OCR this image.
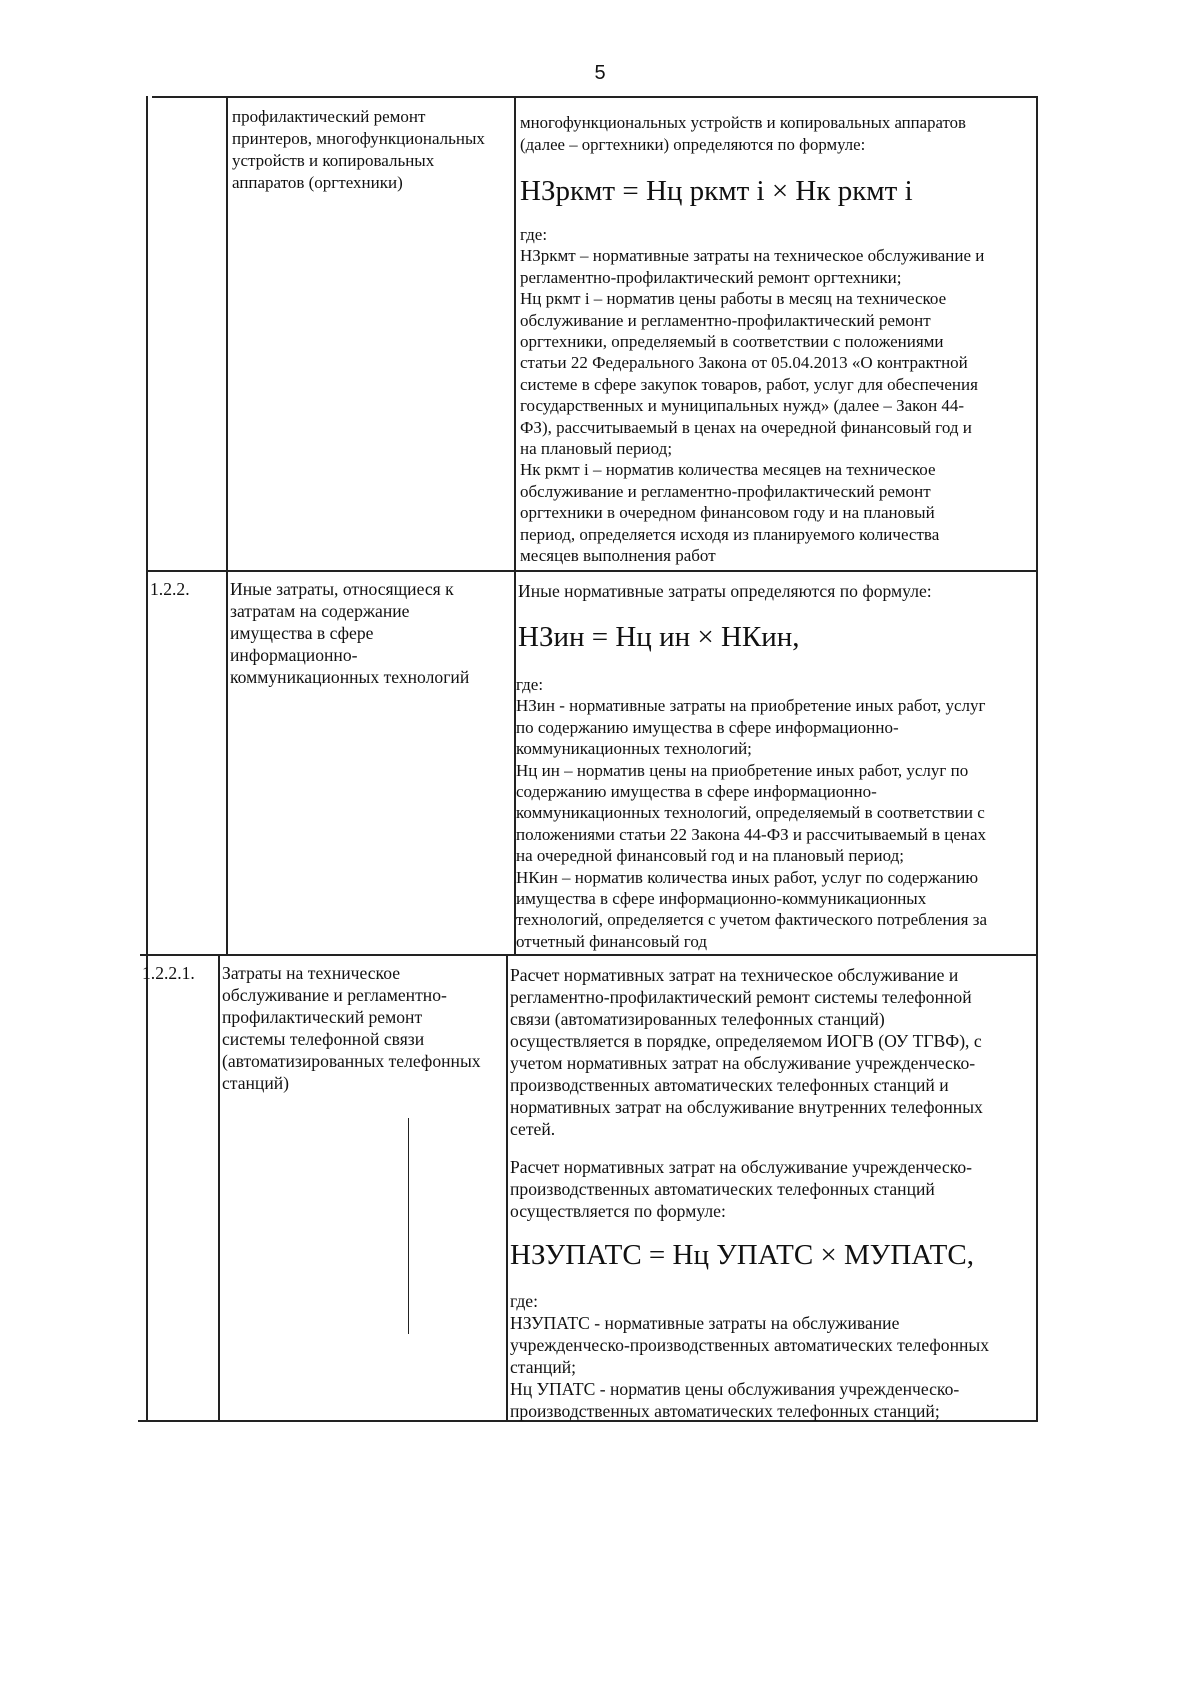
5
профилактический ремонт
принтеров, многофункциональных
устройств и копировальных
аппаратов (оргтехники)
многофункциональных устройств и копировальных аппаратов
(далее – оргтехники) определяются по формуле:
НЗркмт = Нц ркмт i × Нк ркмт i
где:
НЗркмт – нормативные затраты на техническое обслуживание и
регламентно-профилактический ремонт оргтехники;
Нц ркмт i – норматив цены работы в месяц на техническое
обслуживание и регламентно-профилактический ремонт
оргтехники, определяемый в соответствии с положениями
статьи 22 Федерального Закона от 05.04.2013 «О контрактной
системе в сфере закупок товаров, работ, услуг для обеспечения
государственных и муниципальных нужд» (далее – Закон 44-
ФЗ), рассчитываемый в ценах на очередной финансовый год и
на плановый период;
Нк ркмт i – норматив количества месяцев на техническое
обслуживание и регламентно-профилактический ремонт
оргтехники в очередном финансовом году и на плановый
период, определяется исходя из планируемого количества
месяцев выполнения работ
1.2.2. Иные затраты, относящиеся к
затратам на содержание
имущества в сфере
информационно-
коммуникационных технологий
Иные нормативные затраты определяются по формуле:
НЗин = Нц ин × НКин,
где:
НЗин - нормативные затраты на приобретение иных работ, услуг
по содержанию имущества в сфере информационно-
коммуникационных технологий;
Нц ин – норматив цены на приобретение иных работ, услуг по
содержанию имущества в сфере информационно-
коммуникационных технологий, определяемый в соответствии с
положениями статьи 22 Закона 44-ФЗ и рассчитываемый в ценах
на очередной финансовый год и на плановый период;
НКин – норматив количества иных работ, услуг по содержанию
имущества в сфере информационно-коммуникационных
технологий, определяется с учетом фактического потребления за
отчетный финансовый год
1.2.2.1. Затраты на техническое
обслуживание и регламентно-
профилактический ремонт
системы телефонной связи
(автоматизированных телефонных
станций)
Расчет нормативных затрат на техническое обслуживание и
регламентно-профилактический ремонт системы телефонной
связи (автоматизированных телефонных станций)
осуществляется в порядке, определяемом ИОГВ (ОУ ТГВФ), с
учетом нормативных затрат на обслуживание учрежденческо-
производственных автоматических телефонных станций и
нормативных затрат на обслуживание внутренних телефонных
сетей.
Расчет нормативных затрат на обслуживание учрежденческо-
производственных автоматических телефонных станций
осуществляется по формуле:
НЗУПАТС = Нц УПАТС × МУПАТС,
где:
НЗУПАТС - нормативные затраты на обслуживание
учрежденческо-производственных автоматических телефонных
станций;
Нц УПАТС - норматив цены обслуживания учрежденческо-
производственных автоматических телефонных станций;
